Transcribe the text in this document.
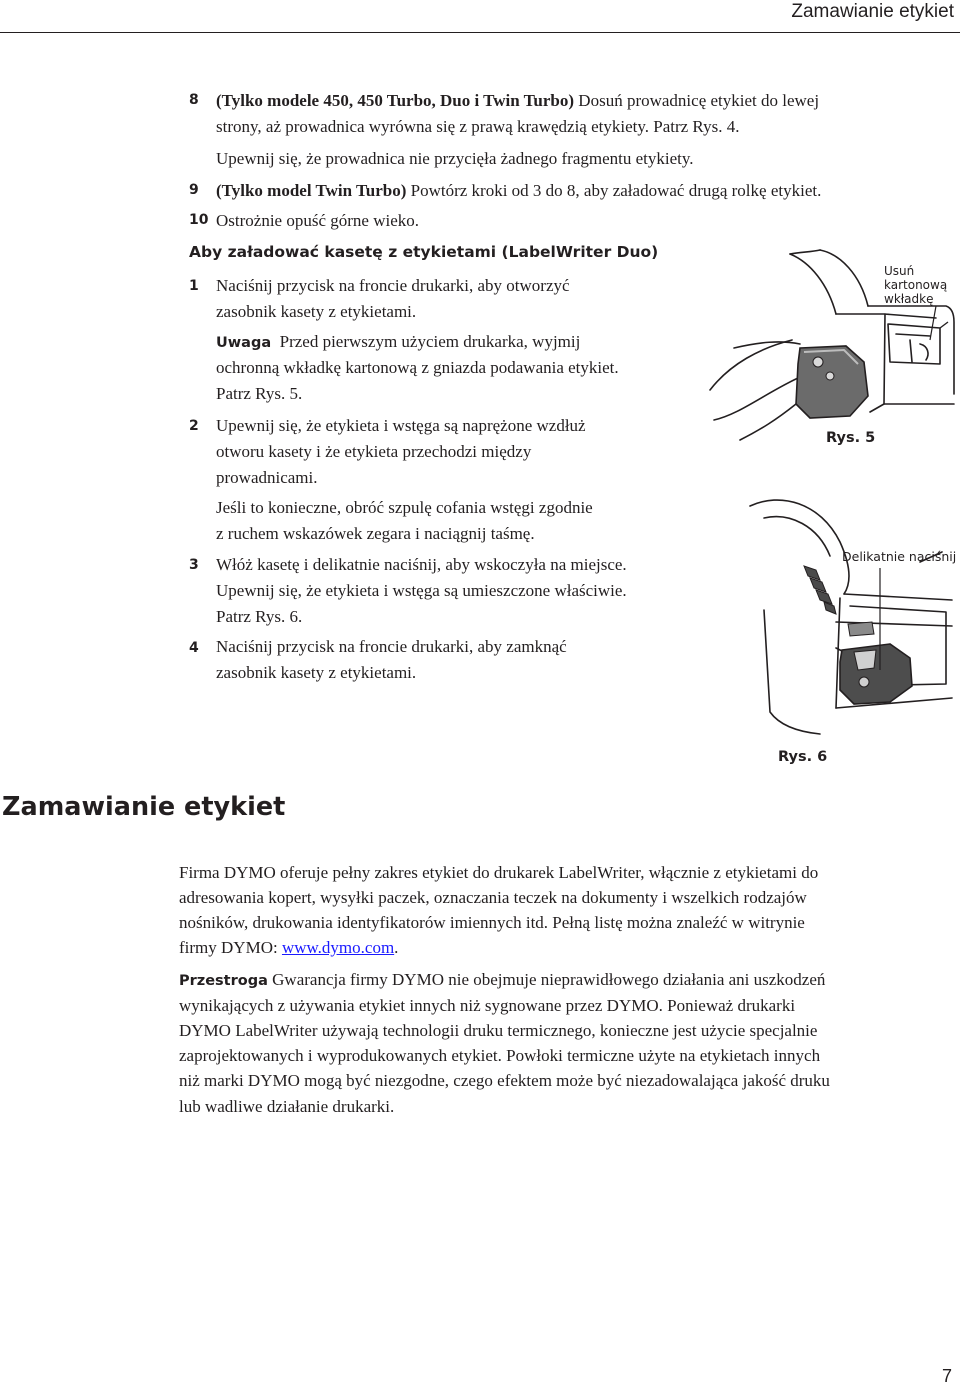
Zamawianie etykiet
8	(Tylko modele 450, 450 Turbo, Duo i Twin Turbo) Dosuń prowadnicę etykiet do lewej
strony, aż prowadnica wyrówna się z prawą krawędzią etykiety. Patrz Rys. 4.
Upewnij się, że prowadnica nie przycięła żadnego fragmentu etykiety.
9	(Tylko model Twin Turbo) Powtórz kroki od 3 do 8, aby załadować drugą rolkę etykiet.
10 Ostrożnie opuść górne wieko.
Aby załadować kasetę z etykietami (LabelWriter Duo)
1	Naciśnij przycisk na froncie drukarki, aby otworzyć
zasobnik kasety z etykietami.
Uwaga Przed pierwszym użyciem drukarka, wyjmij
ochronną wkładkę kartonową z gniazda podawania etykiet.
Patrz Rys. 5.
2	Upewnij się, że etykieta i wstęga są naprężone wzdłuż
otworu kasety i że etykieta przechodzi między
prowadnicami.
Jeśli to konieczne, obróć szpulę cofania wstęgi zgodnie
z ruchem wskazówek zegara i naciągnij taśmę.
3	Włóż kasetę i delikatnie naciśnij, aby wskoczyła na miejsce.
Upewnij się, że etykieta i wstęga są umieszczone właściwie.
Patrz Rys. 6.
4	Naciśnij przycisk na froncie drukarki, aby zamknąć
zasobnik kasety z etykietami.
Usuń
kartonową
wkładkę
Rys. 5
Delikatnie naciśnij
Rys. 6
Zamawianie etykiet
Firma DYMO oferuje pełny zakres etykiet do drukarek LabelWriter, włącznie z etykietami do
adresowania kopert, wysyłki paczek, oznaczania teczek na dokumenty i wszelkich rodzajów
nośników, drukowania identyfikatorów imiennych itd. Pełną listę można znaleźć w witrynie
firmy DYMO: www.dymo.com.
Przestroga Gwarancja firmy DYMO nie obejmuje nieprawidłowego działania ani uszkodzeń
wynikających z używania etykiet innych niż sygnowane przez DYMO. Ponieważ drukarki
DYMO LabelWriter używają technologii druku termicznego, konieczne jest użycie specjalnie
zaprojektowanych i wyprodukowanych etykiet. Powłoki termiczne użyte na etykietach innych
niż marki DYMO mogą być niezgodne, czego efektem może być niezadowalająca jakość druku
lub wadliwe działanie drukarki.
7
